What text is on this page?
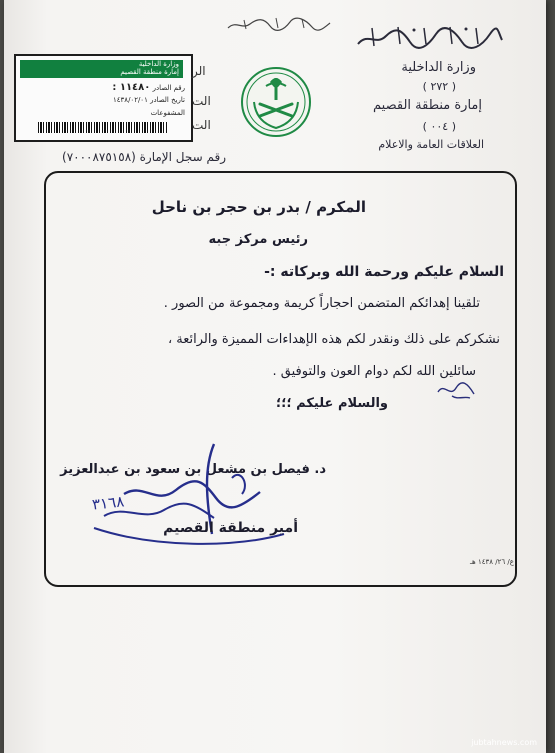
وزارة الداخلية
( ٢٧٢ )
إمارة منطقة القصيم
( ٠٠٤ )
العلاقات العامة والاعلام
وزارة الداخلية
إمارة منطقة القصيم
رقم الصادر ١١٤٨٠ :
تاريخ الصادر ١٤٣٨/٠٢/٠١
المشفوعات
الر
الت
الت
رقم سجل الإمارة (٧٠٠٠٨٧٥١٥٨)
المكرم / بدر بن حجر بن ناحل
رئيس مركز جبه
السلام عليكم ورحمة الله وبركاته :-
تلقينا إهدائكم المتضمن احجاراً كريمة ومجموعة من الصور .
نشكركم على ذلك ونقدر لكم هذه الإهداءات المميزة والرائعة ،
سائلين الله لكم دوام العون والتوفيق .
والسلام عليكم ؛؛؛
د. فيصل بن مشعل بن سعود بن عبدالعزيز
٣١٦٨
أمير منطقة القصيم
ع/ ٢٦/ ١٤٣٨ هـ
jubtahnews.com
